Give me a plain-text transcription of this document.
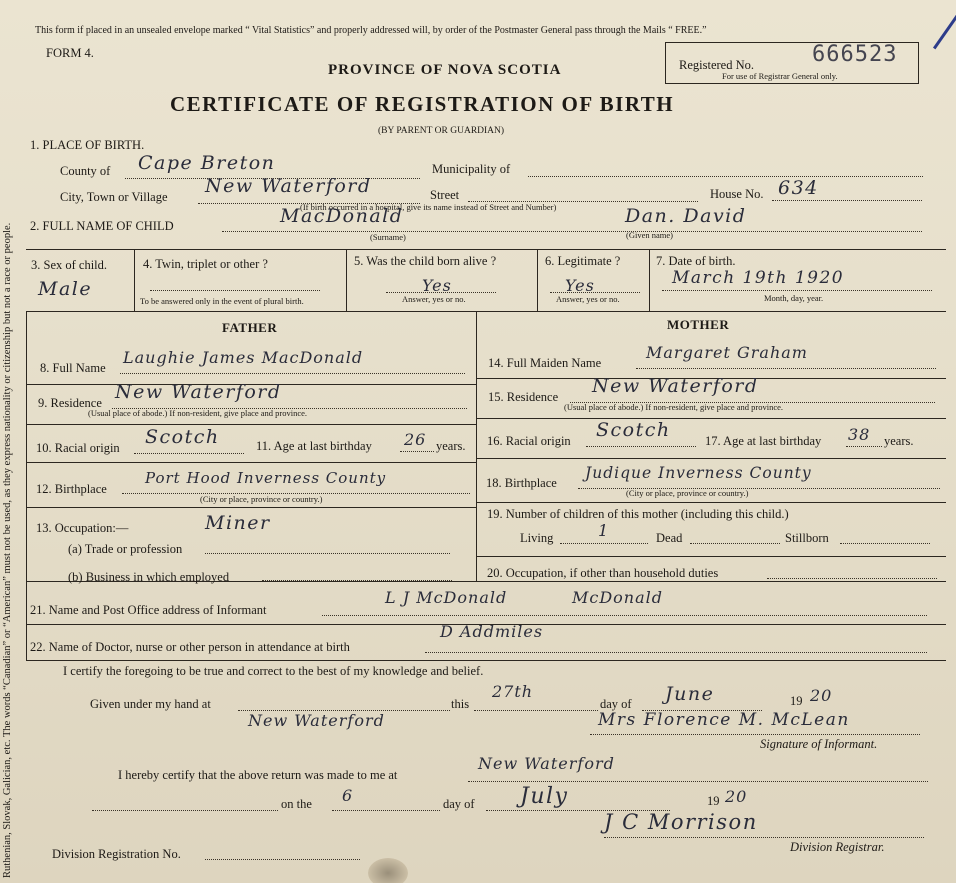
Ruthenian, Slovak, Galician, etc. The words “Canadian” or “American” must not be used, as they express nationality or citizenship but not a race or people.
This form if placed in an unsealed envelope marked “ Vital Statistics” and properly addressed will, by order of the Postmaster General pass through the Mails “ FREE.”
FORM 4.
PROVINCE OF NOVA SCOTIA
CERTIFICATE OF REGISTRATION OF BIRTH
(BY PARENT OR GUARDIAN)
Registered No.	666523
For use of Registrar General only.
1. PLACE OF BIRTH.
County of Cape Breton	Municipality of
City, Town or Village New Waterford	Street	House No. 634
(If birth occurred in a hospital, give its name instead of Street and Number)
2. FULL NAME OF CHILD	MacDonald	Dan. David
(Surname)	(Given name)
3. Sex of child.
Male
4. Twin, triplet or other ?
To be answered only in the event of plural birth.
5. Was the child born alive ?
Yes
Answer, yes or no.
6. Legitimate ?
Yes
Answer, yes or no.
7. Date of birth.
March 19th 1920
Month, day, year.
FATHER	MOTHER
8. Full Name
Laughie James MacDonald
9. Residence New Waterford
(Usual place of abode.) If non-resident, give place and province.
10. Racial origin Scotch	11. Age at last birthday 26 years.
12. Birthplace
Port Hood Inverness County
(City or place, province or country.)
13. Occupation:—	Miner
(a) Trade or profession
(b) Business in which employed
14. Full Maiden Name
Margaret Graham
15. Residence New Waterford
(Usual place of abode.) If non-resident, give place and province.
16. Racial origin Scotch	17. Age at last birthday 38 years.
18. Birthplace
Judique Inverness County
(City or place, province or country.)
19. Number of children of this mother (including this child.)
Living	1	Dead	Stillborn
20. Occupation, if other than household duties
21. Name and Post Office address of Informant
L J McDonald	McDonald
22. Name of Doctor, nurse or other person in attendance at birth
D Addmiles
I certify the foregoing to be true and correct to the best of my knowledge and belief.
Given under my hand at
New Waterford
this
27th
day of June	19 20
Mrs Florence M. McLean
Signature of Informant.
I hereby certify that the above return was made to me at
New Waterford
on the 6	day of July	19 20
J C Morrison
Division Registrar.
Division Registration No.
